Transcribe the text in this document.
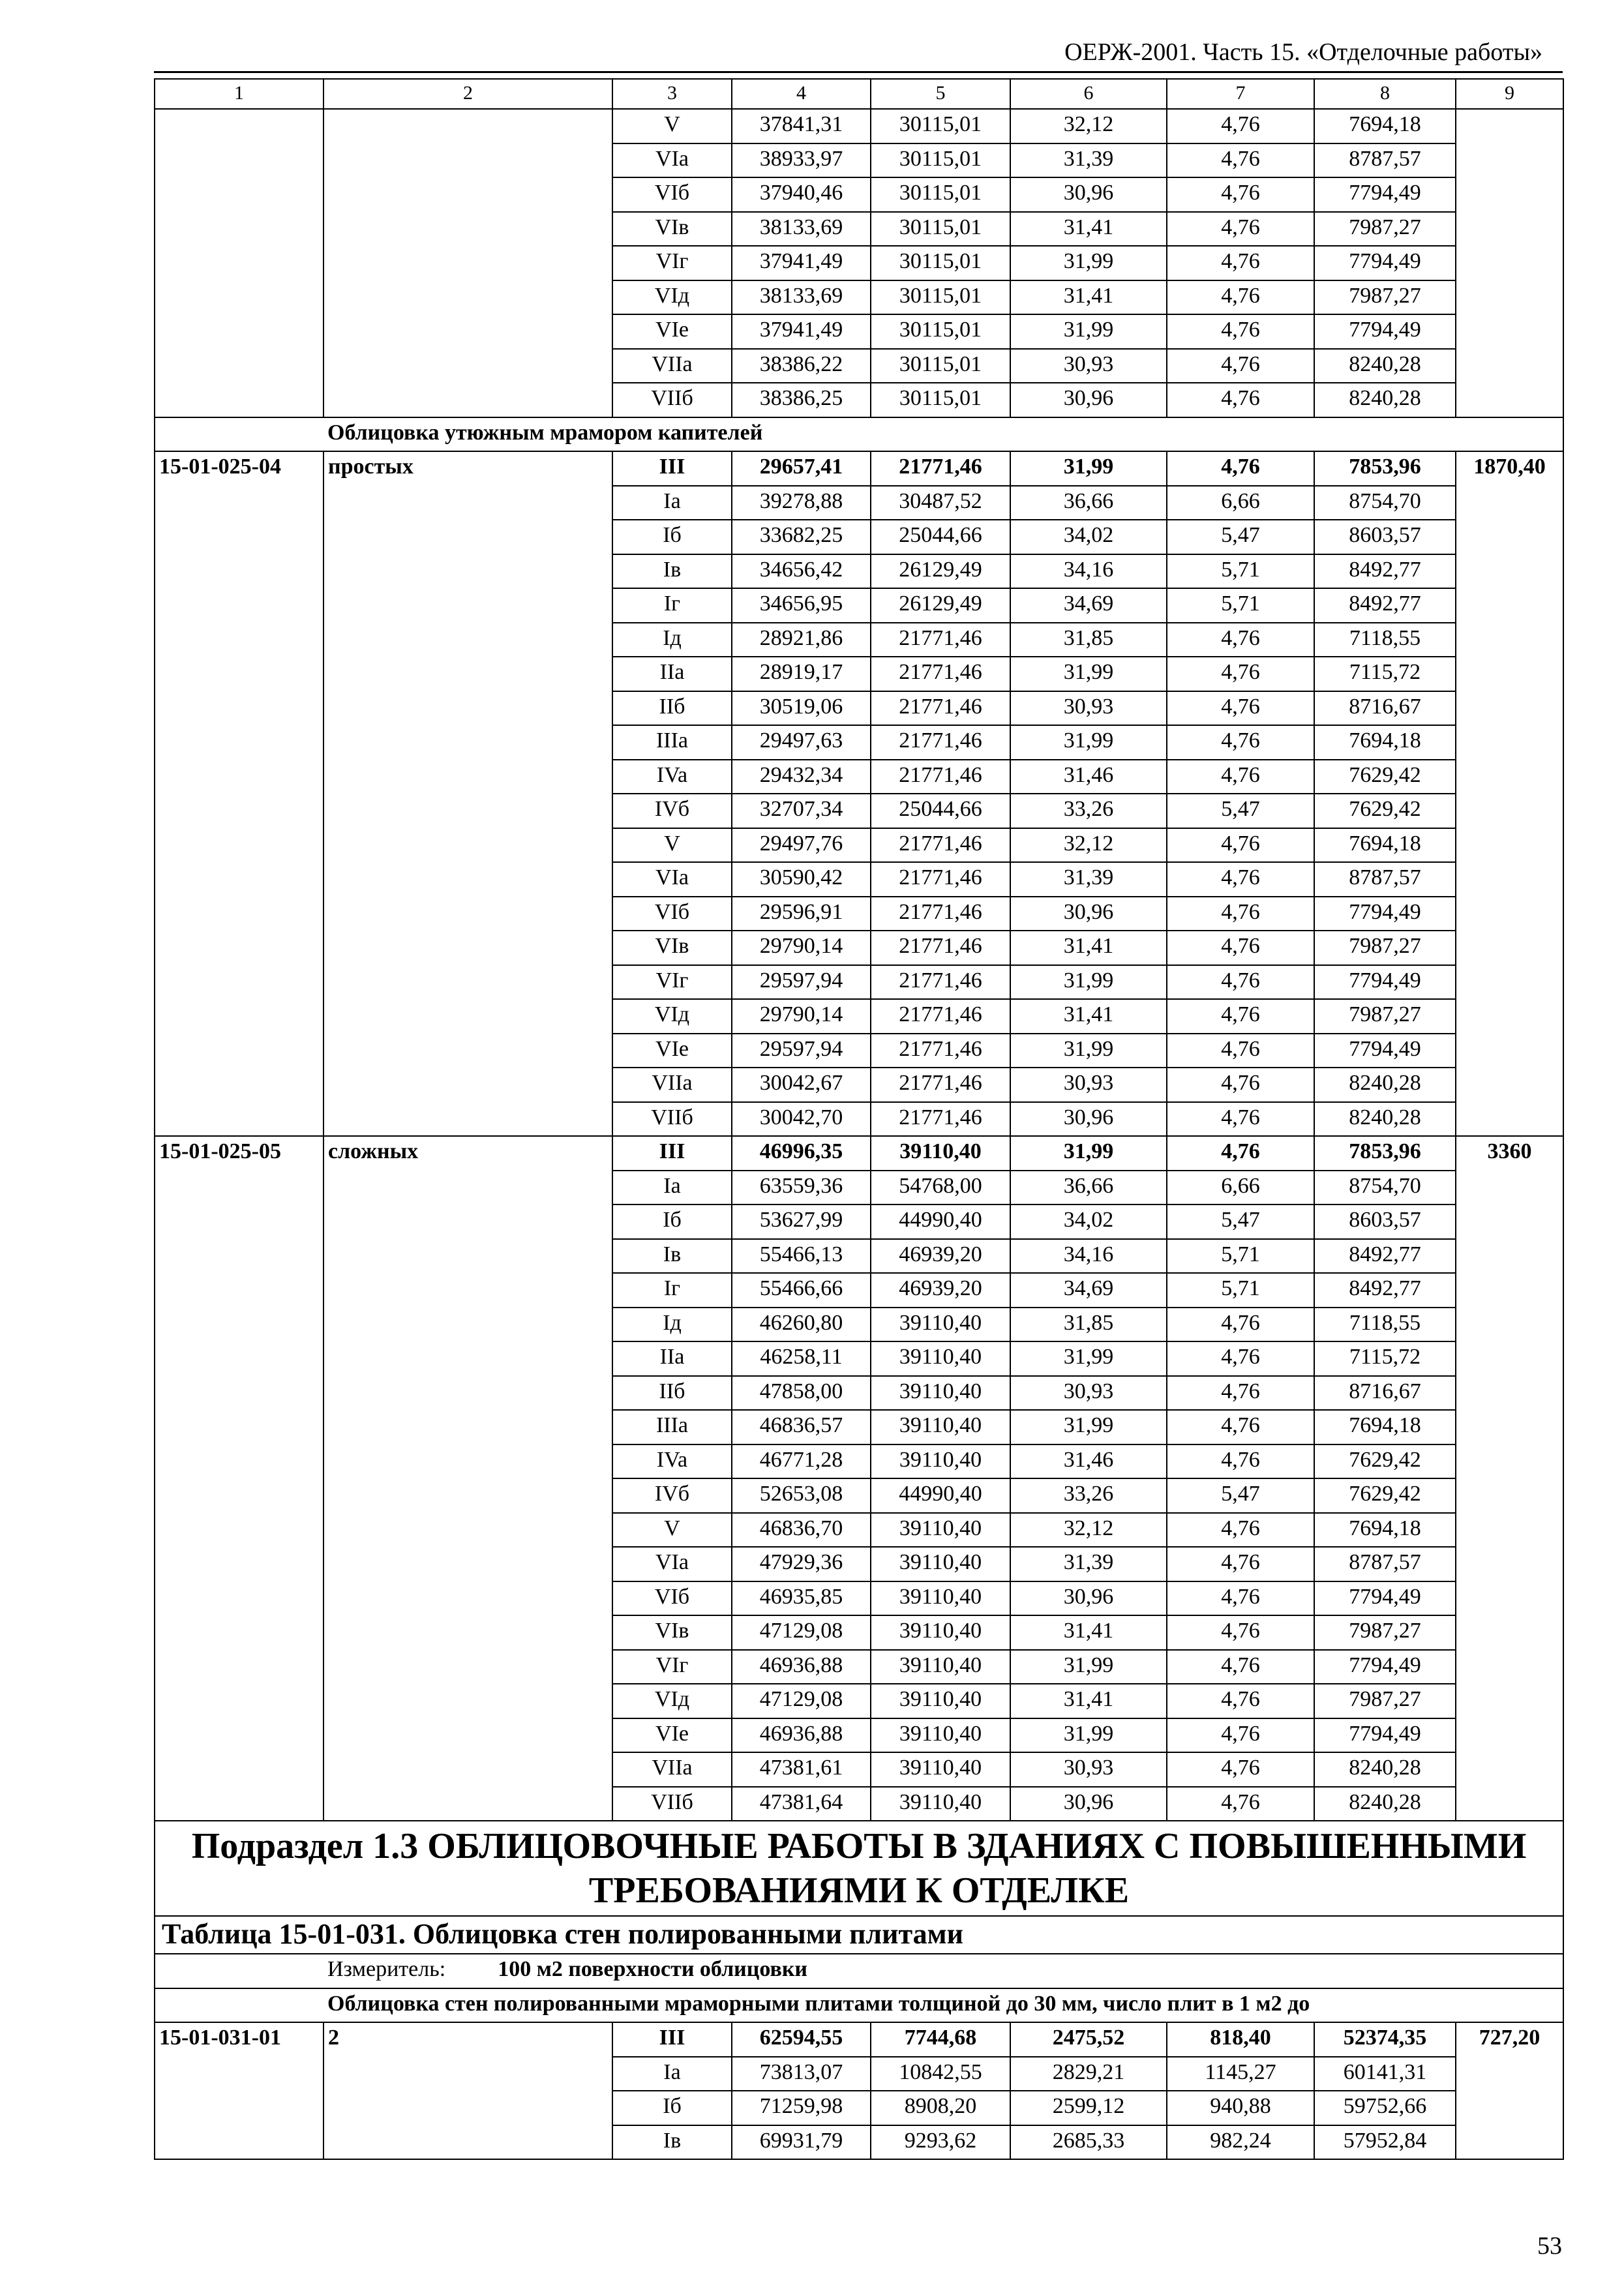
ОЕРЖ-2001. Часть 15. «Отделочные работы»
1	2	3	4	5	6	7	8	9
		V	37841,31	30115,01	32,12	4,76	7694,18	
		VIa	38933,97	30115,01	31,39	4,76	8787,57	
		VIб	37940,46	30115,01	30,96	4,76	7794,49	
		VIв	38133,69	30115,01	31,41	4,76	7987,27	
		VIг	37941,49	30115,01	31,99	4,76	7794,49	
		VIд	38133,69	30115,01	31,41	4,76	7987,27	
		VIe	37941,49	30115,01	31,99	4,76	7794,49	
		VIIa	38386,22	30115,01	30,93	4,76	8240,28	
		VIIб	38386,25	30115,01	30,96	4,76	8240,28	
Облицовка утюжным мрамором капителей								
15-01-025-04	простых	III	29657,41	21771,46	31,99	4,76	7853,96	1870,40
		Ia	39278,88	30487,52	36,66	6,66	8754,70	
		Iб	33682,25	25044,66	34,02	5,47	8603,57	
		Iв	34656,42	26129,49	34,16	5,71	8492,77	
		Iг	34656,95	26129,49	34,69	5,71	8492,77	
		Iд	28921,86	21771,46	31,85	4,76	7118,55	
		IIa	28919,17	21771,46	31,99	4,76	7115,72	
		IIб	30519,06	21771,46	30,93	4,76	8716,67	
		IIIa	29497,63	21771,46	31,99	4,76	7694,18	
		IVa	29432,34	21771,46	31,46	4,76	7629,42	
		IVб	32707,34	25044,66	33,26	5,47	7629,42	
		V	29497,76	21771,46	32,12	4,76	7694,18	
		VIa	30590,42	21771,46	31,39	4,76	8787,57	
		VIб	29596,91	21771,46	30,96	4,76	7794,49	
		VIв	29790,14	21771,46	31,41	4,76	7987,27	
		VIг	29597,94	21771,46	31,99	4,76	7794,49	
		VIд	29790,14	21771,46	31,41	4,76	7987,27	
		VIe	29597,94	21771,46	31,99	4,76	7794,49	
		VIIa	30042,67	21771,46	30,93	4,76	8240,28	
		VIIб	30042,70	21771,46	30,96	4,76	8240,28	
15-01-025-05	сложных	III	46996,35	39110,40	31,99	4,76	7853,96	3360
		Ia	63559,36	54768,00	36,66	6,66	8754,70	
		Iб	53627,99	44990,40	34,02	5,47	8603,57	
		Iв	55466,13	46939,20	34,16	5,71	8492,77	
		Iг	55466,66	46939,20	34,69	5,71	8492,77	
		Iд	46260,80	39110,40	31,85	4,76	7118,55	
		IIa	46258,11	39110,40	31,99	4,76	7115,72	
		IIб	47858,00	39110,40	30,93	4,76	8716,67	
		IIIa	46836,57	39110,40	31,99	4,76	7694,18	
		IVa	46771,28	39110,40	31,46	4,76	7629,42	
		IVб	52653,08	44990,40	33,26	5,47	7629,42	
		V	46836,70	39110,40	32,12	4,76	7694,18	
		VIa	47929,36	39110,40	31,39	4,76	8787,57	
		VIб	46935,85	39110,40	30,96	4,76	7794,49	
		VIв	47129,08	39110,40	31,41	4,76	7987,27	
		VIг	46936,88	39110,40	31,99	4,76	7794,49	
		VIд	47129,08	39110,40	31,41	4,76	7987,27	
		VIe	46936,88	39110,40	31,99	4,76	7794,49	
		VIIa	47381,61	39110,40	30,93	4,76	8240,28	
		VIIб	47381,64	39110,40	30,96	4,76	8240,28	
Подраздел 1.3 ОБЛИЦОВОЧНЫЕ РАБОТЫ В ЗДАНИЯХ С ПОВЫШЕННЫМИ ТРЕБОВАНИЯМИ К ОТДЕЛКЕ								
Таблица 15-01-031. Облицовка стен полированными плитами								
Измеритель: 100 м2 поверхности облицовки								
Облицовка стен полированными мраморными плитами толщиной до 30 мм, число плит в 1 м2 до								
15-01-031-01	2	III	62594,55	7744,68	2475,52	818,40	52374,35	727,20
		Ia	73813,07	10842,55	2829,21	1145,27	60141,31	
		Iб	71259,98	8908,20	2599,12	940,88	59752,66	
		Iв	69931,79	9293,62	2685,33	982,24	57952,84	
53
